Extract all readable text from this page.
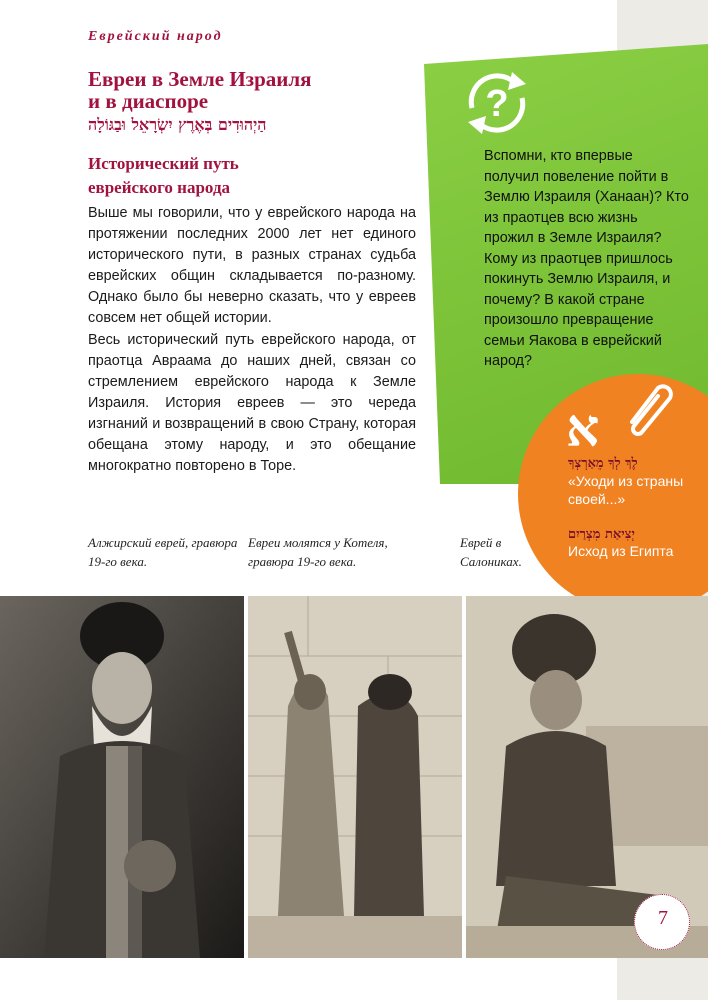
Еврейский народ
Евреи в Земле Израиля
и в диаспоре
הַיְהוּדִים בְּאֶרֶץ יִשְׂרָאֵל וּבַגּוֹלָה
Исторический путь
еврейского народа

Выше мы говорили, что у еврейского народа на протяжении последних 2000 лет нет единого исторического пути, в разных странах судьба еврейских общин складывается по-разному. Однако было бы неверно сказать, что у евреев совсем нет общей истории.

Весь исторический путь еврейского народа, от праотца Авраама до наших дней, связан со стремлением еврейского народа к Земле Израиля. История евреев — это череда изгнаний и возвращений в свою Страну, которая обещана этому народу, и это обещание многократно повторено в Торе.

?
Вспомни, кто впервые получил повеление пойти в Землю Израиля (Ханаан)? Кто из праотцев всю жизнь прожил в Земле Израиля? Кому из праотцев пришлось покинуть Землю Израиля, и почему? В какой стране произошло превращение семьи Яакова в еврейский народ?
א
לֶךְ לְךָ מֵאַרְצְךָ
«Уходи из страны своей...»
יְצִיאַת מִצְרַיִם
Исход из Египта
Алжирский еврей, гравюра 19-го века.
Евреи молятся у Котеля, гравюра 19-го века.
Еврей в Салониках.
7
